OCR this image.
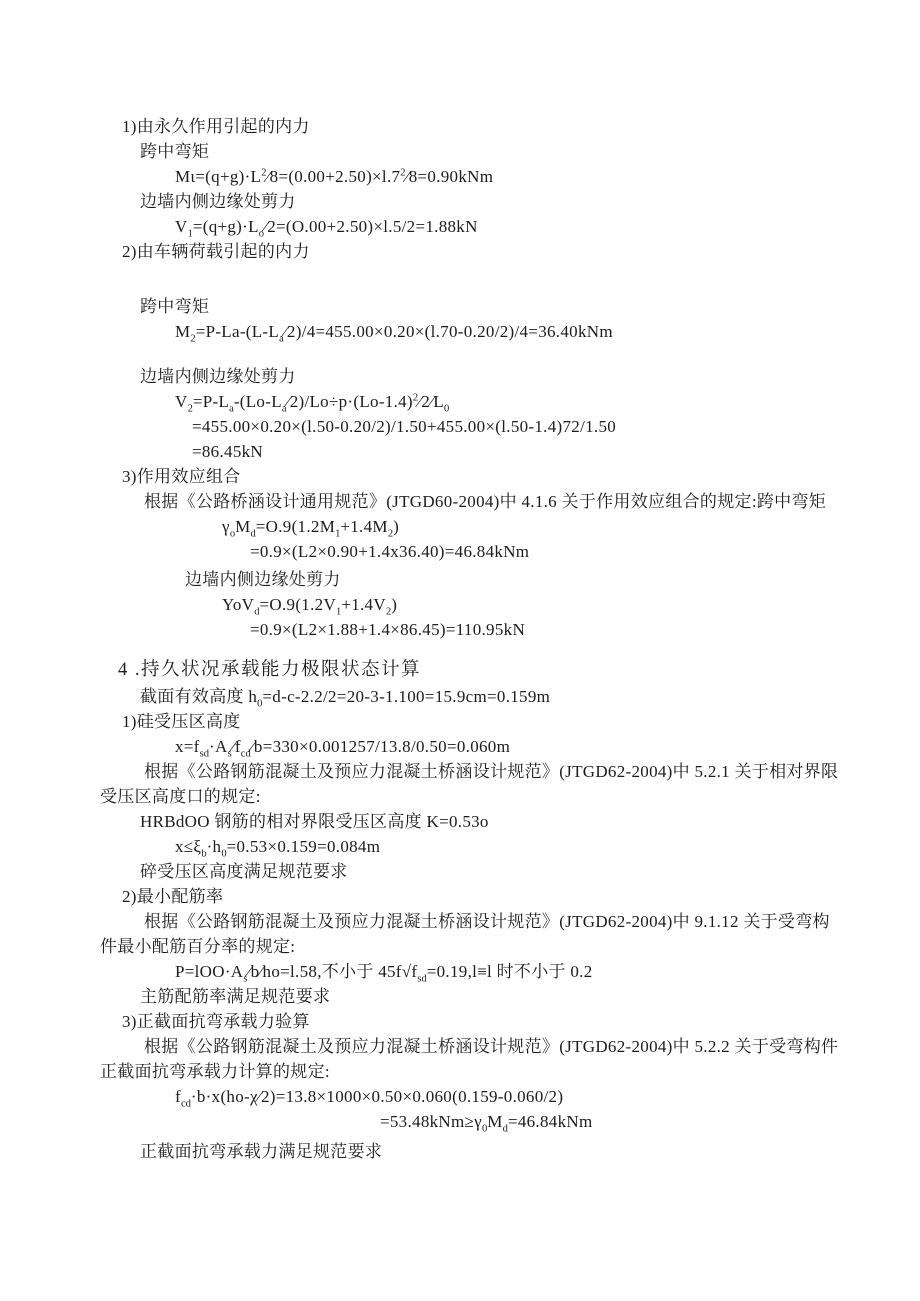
1)由永久作用引起的内力
跨中弯矩
$M\iota=(q+g)\cdot L^2⁄8=(0.00+2.50)\times l.7^2⁄8=0.90kNm$
边墙内侧边缘处剪力
$V_1=(q+g)\cdot L_o⁄2=(O.00+2.50)\times l.5/2=1.88kN$
2)由车辆荷载引起的内力
跨中弯矩
$M_2=P-La-(L-L_a⁄2)/4=455.00\times 0.20\times(l.70-0.20/2)/4=36.40kNm$
边墙内侧边缘处剪力
$V_2=P-L_a-(Lo-L_a⁄2)/Lo\div p\cdot(Lo-1.4)^2⁄2⁄L_0$
=455.00×0.20×(l.50-0.20/2)/1.50+455.00×(l.50-1.4)72/1.50
=86.45kN
3)作用效应组合
根据《公路桥涵设计通用规范》(JTGD60-2004)中 4.1.6 关于作用效应组合的规定:跨中弯矩
$\gamma_oM_d=O.9(1.2M_1+1.4M_2)$
=0.9×(L2×0.90+1.4x36.40)=46.84kNm
边墙内侧边缘处剪力
$YoV_d=O.9(1.2V_1+1.4V_2)$
=0.9×(L2×1.88+1.4×86.45)=110.95kN
4 .持久状况承载能力极限状态计算
截面有效高度 $h_0=d-c-2.2/2=20-3-1.100=15.9cm=0.159m$
1)硅受压区高度
$x=f_{sd}\cdot A_s⁄f_{cd}⁄b=330\times 0.001257/13.8/0.50=0.060m$
根据《公路钢筋混凝土及预应力混凝土桥涵设计规范》(JTGD62-2004)中 5.2.1 关于相对界限
受压区高度口的规定:
HRBdOO 钢筋的相对界限受压区高度 K=0.53o
$x\le\xi_b\cdot h_0=0.53\times 0.159=0.084m$
碎受压区高度满足规范要求
2)最小配筋率
根据《公路钢筋混凝土及预应力混凝土桥涵设计规范》(JTGD62-2004)中 9.1.12 关于受弯构
件最小配筋百分率的规定:
$P=lOO\cdot A_s⁄b⁄ho=l.58$,不小于 $45f√f_{sd}=0.19,l\equiv l$ 时不小于 0.2
主筋配筋率满足规范要求
3)正截面抗弯承载力验算
根据《公路钢筋混凝土及预应力混凝土桥涵设计规范》(JTGD62-2004)中 5.2.2 关于受弯构件
正截面抗弯承载力计算的规定:
$f_{cd}\cdot b\cdot x(ho-\chi⁄2)=13.8\times 1000\times 0.50\times 0.060(0.159-0.060/2)$
$=53.48kNm\ge\gamma_0M_d=46.84kNm$
正截面抗弯承载力满足规范要求
